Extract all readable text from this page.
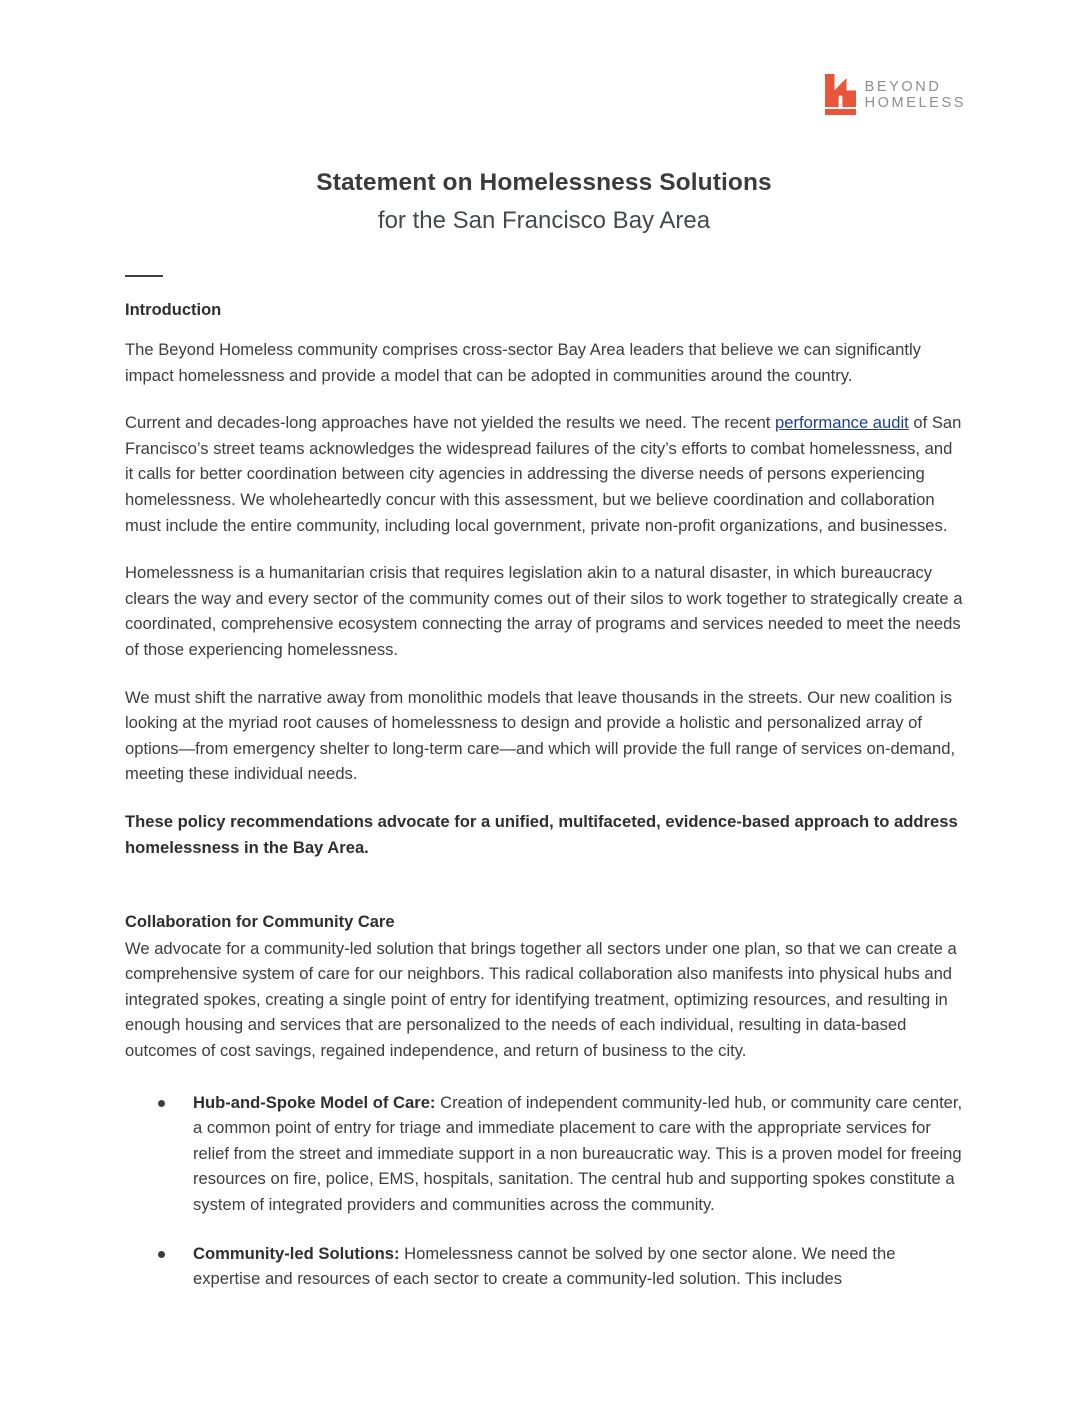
BEYOND
HOMELESS
Statement on Homelessness Solutions
for the San Francisco Bay Area
Introduction

The Beyond Homeless community comprises cross-sector Bay Area leaders that believe we can significantly impact homelessness and provide a model that can be adopted in communities around the country.

Current and decades-long approaches have not yielded the results we need. The recent performance audit of San Francisco’s street teams acknowledges the widespread failures of the city’s efforts to combat homelessness, and it calls for better coordination between city agencies in addressing the diverse needs of persons experiencing homelessness. We wholeheartedly concur with this assessment, but we believe coordination and collaboration must include the entire community, including local government, private non-profit organizations, and businesses.

Homelessness is a humanitarian crisis that requires legislation akin to a natural disaster, in which bureaucracy clears the way and every sector of the community comes out of their silos to work together to strategically create a coordinated, comprehensive ecosystem connecting the array of programs and services needed to meet the needs of those experiencing homelessness.

We must shift the narrative away from monolithic models that leave thousands in the streets. Our new coalition is looking at the myriad root causes of homelessness to design and provide a holistic and personalized array of options—from emergency shelter to long-term care—and which will provide the full range of services on-demand, meeting these individual needs.

These policy recommendations advocate for a unified, multifaceted, evidence-based approach to address homelessness in the Bay Area.

Collaboration for Community Care

We advocate for a community-led solution that brings together all sectors under one plan, so that we can create a comprehensive system of care for our neighbors. This radical collaboration also manifests into physical hubs and integrated spokes, creating a single point of entry for identifying treatment, optimizing resources, and resulting in enough housing and services that are personalized to the needs of each individual, resulting in data-based outcomes of cost savings, regained independence, and return of business to the city.

Hub-and-Spoke Model of Care: Creation of independent community-led hub, or community care center, a common point of entry for triage and immediate placement to care with the appropriate services for relief from the street and immediate support in a non bureaucratic way. This is a proven model for freeing resources on fire, police, EMS, hospitals, sanitation. The central hub and supporting spokes constitute a system of integrated providers and communities across the community.
Community-led Solutions: Homelessness cannot be solved by one sector alone. We need the expertise and resources of each sector to create a community-led solution. This includes
